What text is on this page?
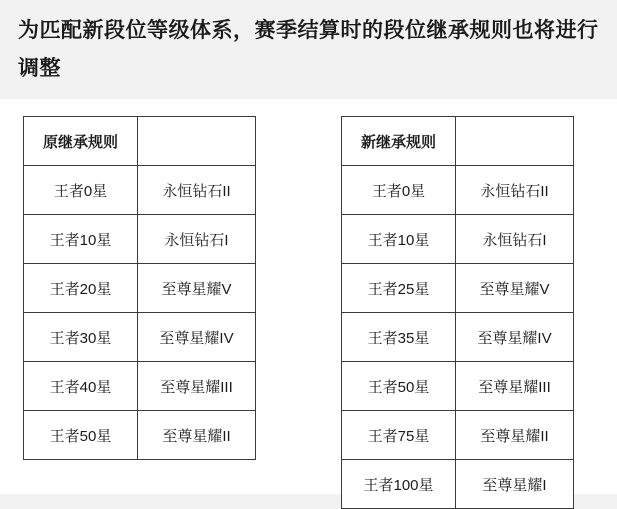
为匹配新段位等级体系，赛季结算时的段位继承规则也将进行调整
原继承规则	
王者0星	永恒钻石II
王者10星	永恒钻石I
王者20星	至尊星耀V
王者30星	至尊星耀IV
王者40星	至尊星耀III
王者50星	至尊星耀II
新继承规则	
王者0星	永恒钻石II
王者10星	永恒钻石I
王者25星	至尊星耀V
王者35星	至尊星耀IV
王者50星	至尊星耀III
王者75星	至尊星耀II
王者100星	至尊星耀I
